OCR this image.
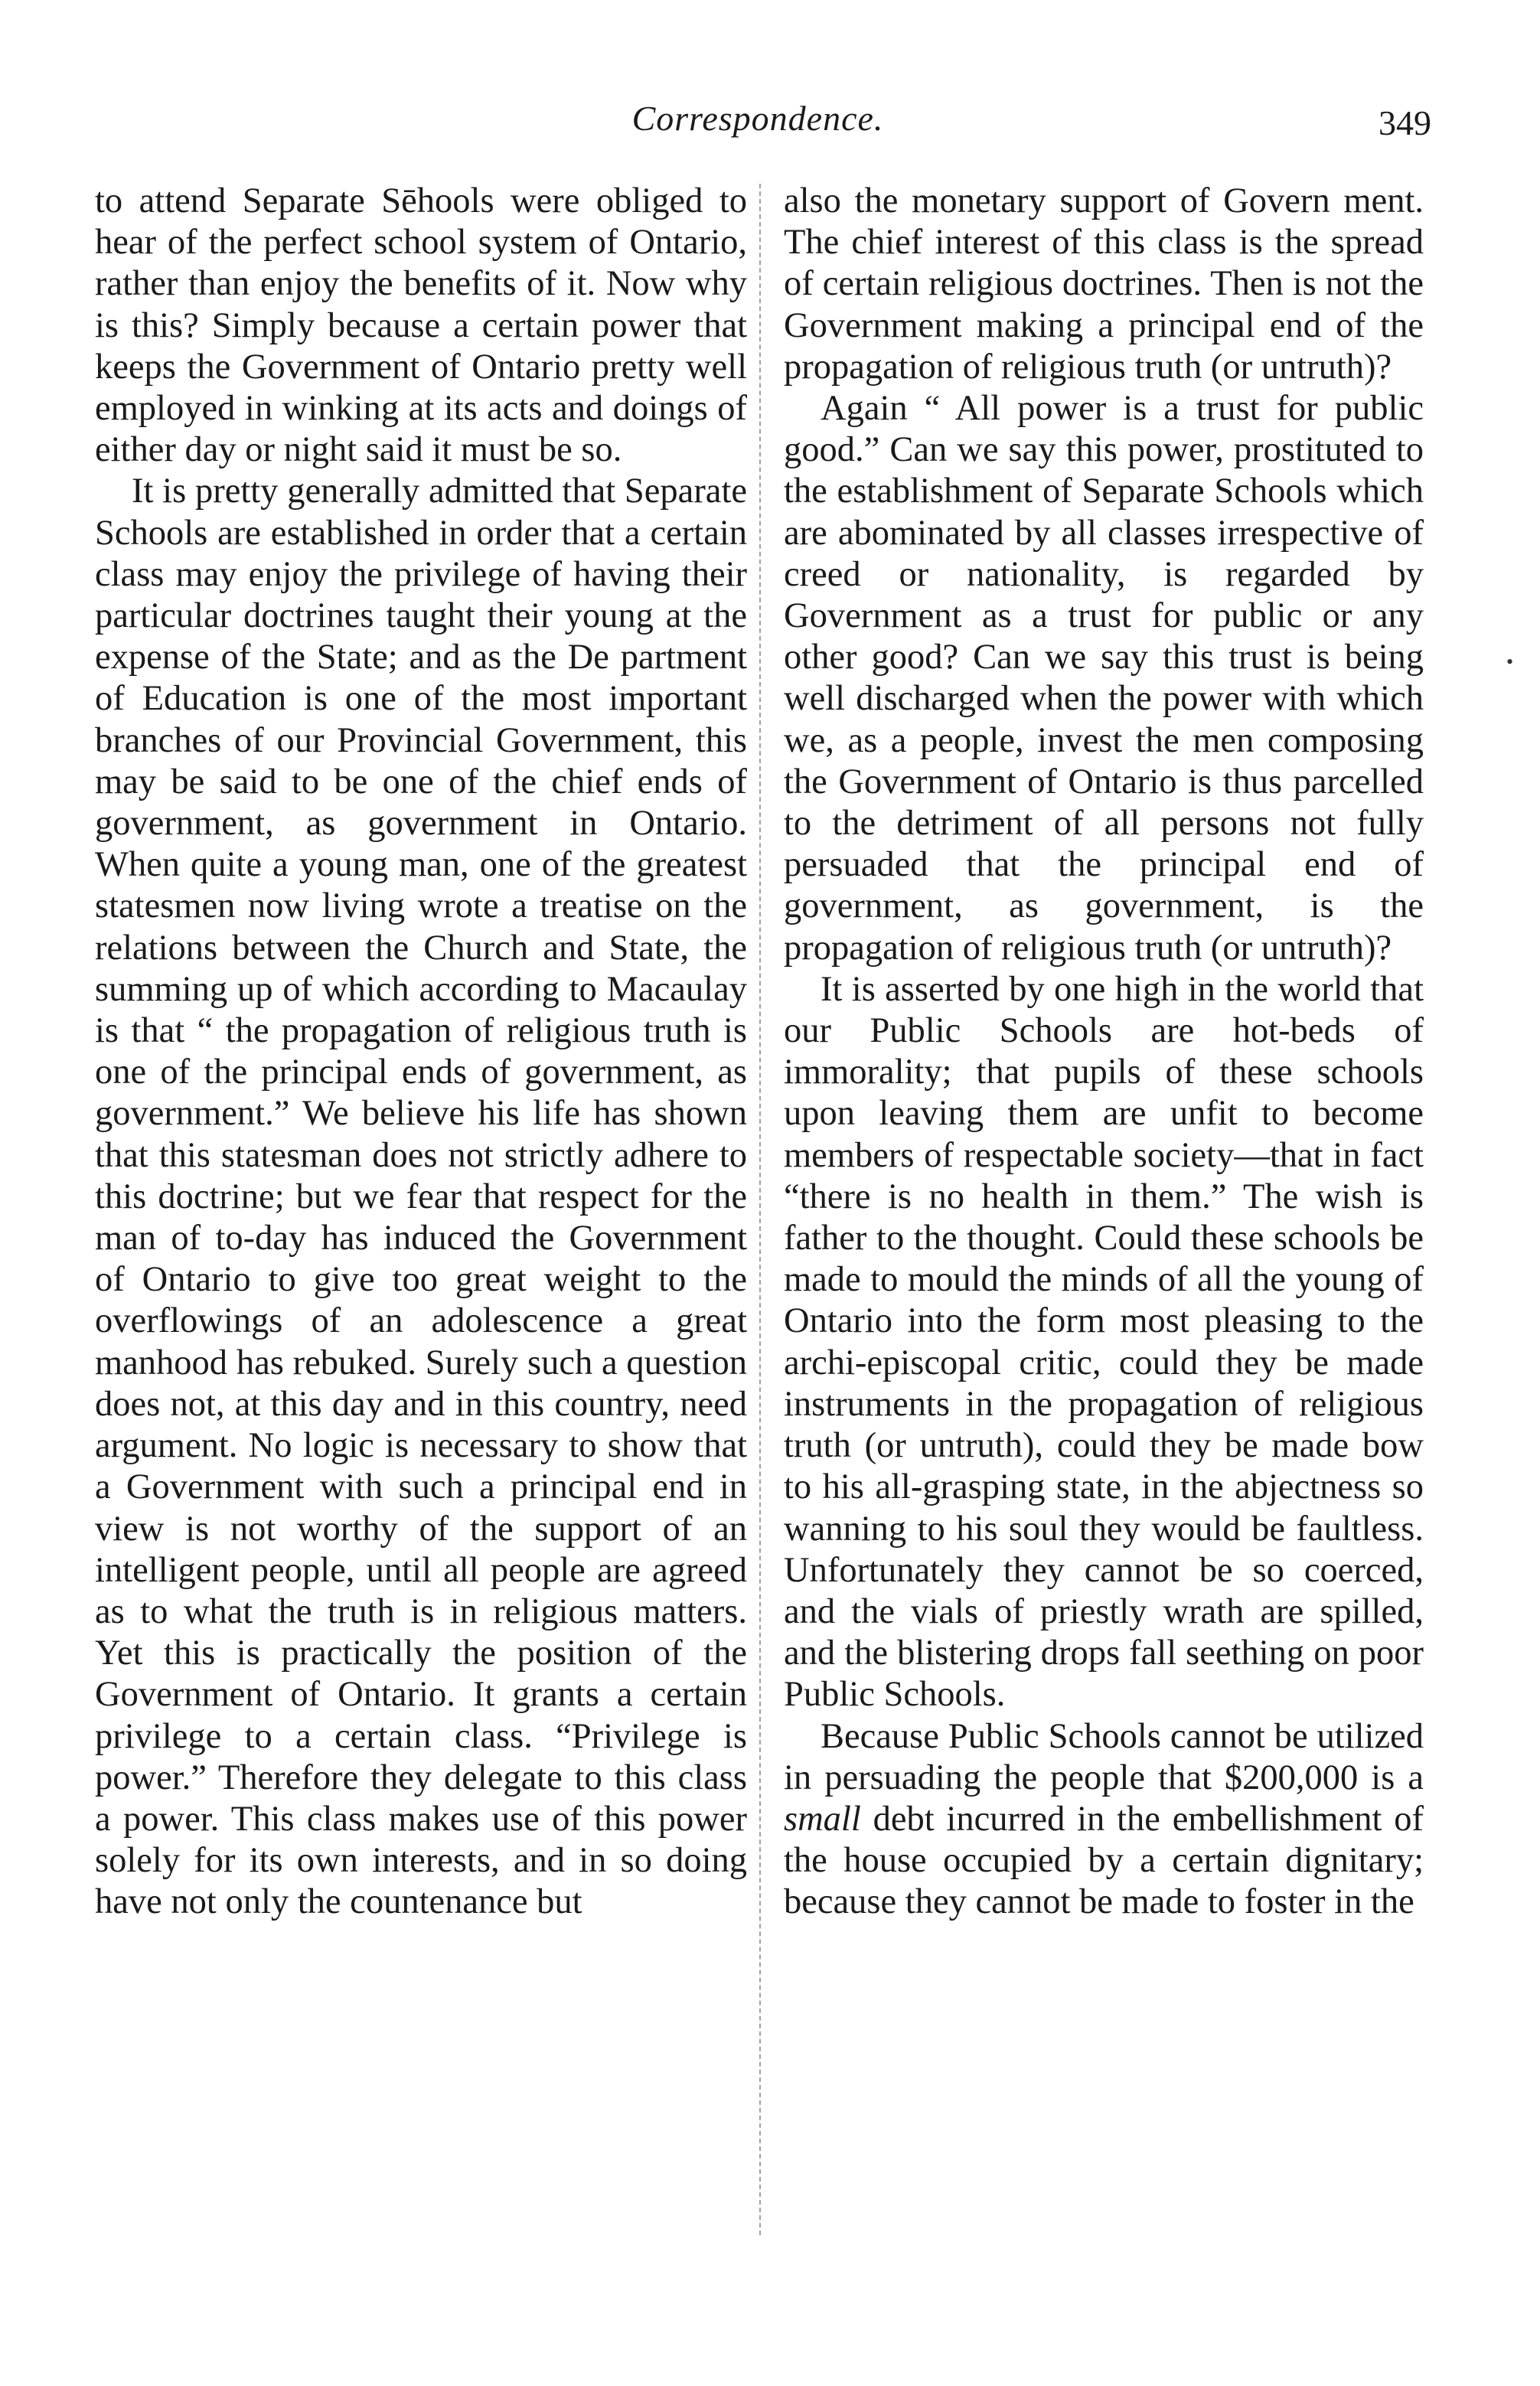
Correspondence.	349

to attend Separate Sēhools were obliged to hear of the perfect school system of Ontario, rather than enjoy the benefits of it. Now why is this? Simply because a certain power that keeps the Government of Ontario pretty well employed in winking at its acts and doings of either day or night said it must be so.

It is pretty generally admitted that Separate Schools are established in order that a certain class may enjoy the privilege of having their particular doctrines taught their young at the expense of the State; and as the De partment of Education is one of the most important branches of our Provincial Government, this may be said to be one of the chief ends of government, as government in Ontario. When quite a young man, one of the greatest statesmen now living wrote a treatise on the relations between the Church and State, the summing up of which according to Macaulay is that “ the propagation of religious truth is one of the principal ends of government, as government.” We believe his life has shown that this statesman does not strictly adhere to this doctrine; but we fear that respect for the man of to-day has induced the Government of Ontario to give too great weight to the overflowings of an adolescence a great manhood has rebuked. Surely such a question does not, at this day and in this country, need argument. No logic is necessary to show that a Government with such a principal end in view is not worthy of the support of an intelligent people, until all people are agreed as to what the truth is in religious matters. Yet this is practically the position of the Government of Ontario. It grants a certain privilege to a certain class. “Privilege is power.” Therefore they delegate to this class a power. This class makes use of this power solely for its own interests, and in so doing have not only the countenance but

also the monetary support of Govern ment. The chief interest of this class is the spread of certain religious doctrines. Then is not the Government making a principal end of the propagation of religious truth (or untruth)?

Again “ All power is a trust for public good.” Can we say this power, prostituted to the establishment of Separate Schools which are abominated by all classes irrespective of creed or nationality, is regarded by Government as a trust for public or any other good? Can we say this trust is being well discharged when the power with which we, as a people, invest the men composing the Government of Ontario is thus parcelled to the detriment of all persons not fully persuaded that the principal end of government, as government, is the propagation of religious truth (or untruth)?

It is asserted by one high in the world that our Public Schools are hot-beds of immorality; that pupils of these schools upon leaving them are unfit to become members of respectable society—that in fact “there is no health in them.” The wish is father to the thought. Could these schools be made to mould the minds of all the young of Ontario into the form most pleasing to the archi-episcopal critic, could they be made instruments in the propagation of religious truth (or untruth), could they be made bow to his all-grasping state, in the abjectness so wanning to his soul they would be faultless. Unfortunately they cannot be so coerced, and the vials of priestly wrath are spilled, and the blistering drops fall seething on poor Public Schools.

Because Public Schools cannot be utilized in persuading the people that $200,000 is a small debt incurred in the embellishment of the house occupied by a certain dignitary; because they cannot be made to foster in the

•
